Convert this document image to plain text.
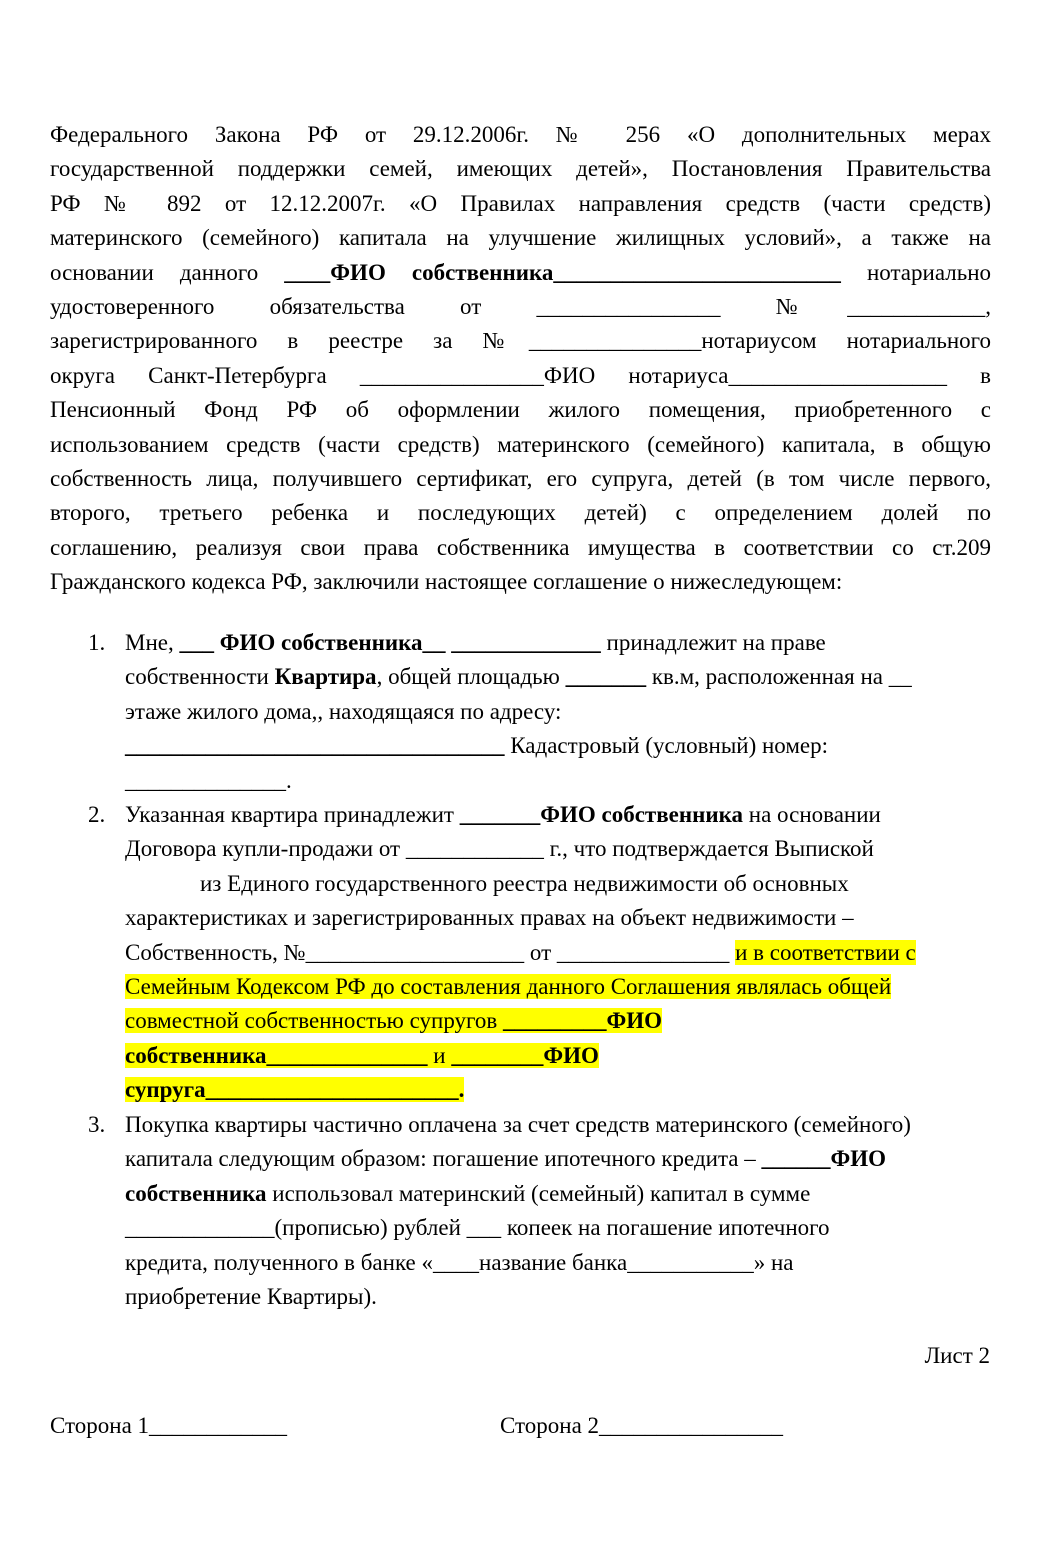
Федерального Закона РФ от 29.12.2006г. № 256 «О дополнительных мерах
государственной поддержки семей, имеющих детей», Постановления Правительства
РФ № 892 от 12.12.2007г. «О Правилах направления средств (части средств)
материнского (семейного) капитала на улучшение жилищных условий», а также на
основании данного ____ФИО собственника_________________________ нотариально
удостоверенного обязательства от ________________ №____________,
зарегистрированного в реестре за №_______________нотариусом нотариального
округа Санкт-Петербурга ________________ФИО нотариуса___________________ в
Пенсионный Фонд РФ об оформлении жилого помещения, приобретенного с
использованием средств (части средств) материнского (семейного) капитала, в общую
собственность лица, получившего сертификат, его супруга, детей (в том числе первого,
второго, третьего ребенка и последующих детей) с определением долей по
соглашению, реализуя свои права собственника имущества в соответствии со ст.209
Гражданского кодекса РФ, заключили настоящее соглашение о нижеследующем:
1. Мне, ___ ФИО собственника__ _____________ принадлежит на праве
собственности Квартира, общей площадью _______ кв.м, расположенная на __
этаже жилого дома,, находящаяся по адресу:
_________________________________ Кадастровый (условный) номер:
______________.
2. Указанная квартира принадлежит _______ФИО собственника на основании
Договора купли-продажи от ____________ г., что подтверждается Выпиской
из Единого государственного реестра недвижимости об основных
характеристиках и зарегистрированных правах на объект недвижимости –
Собственность, №___________________ от _______________ и в соответствии с
Семейным Кодексом РФ до составления данного Соглашения являлась общей
совместной собственностью супругов _________ФИО
собственника______________ и ________ФИО
супруга______________________.
3. Покупка квартиры частично оплачена за счет средств материнского (семейного)
капитала следующим образом: погашение ипотечного кредита – ______ФИО
собственника использовал материнский (семейный) капитал в сумме
_____________(прописью) рублей ___ копеек на погашение ипотечного
кредита, полученного в банке «____название банка___________» на
приобретение Квартиры).
Лист 2
Сторона 1____________	Сторона 2________________
